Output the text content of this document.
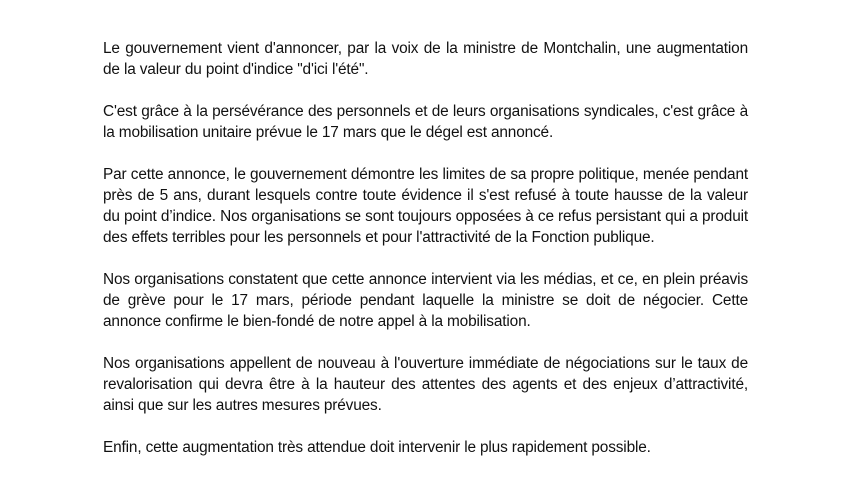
Le gouvernement vient d'annoncer, par la voix de la ministre de Montchalin, une augmentation de la valeur du point d'indice "d'ici l'été".

C'est grâce à la persévérance des personnels et de leurs organisations syndicales, c'est grâce à la mobilisation unitaire prévue le 17 mars que le dégel est annoncé.

Par cette annonce, le gouvernement démontre les limites de sa propre politique, menée pendant près de 5 ans, durant lesquels contre toute évidence il s'est refusé à toute hausse de la valeur du point d’indice. Nos organisations se sont toujours opposées à ce refus persistant qui a produit des effets terribles pour les personnels et pour l'attractivité de la Fonction publique.

Nos organisations constatent que cette annonce intervient via les médias, et ce, en plein préavis de grève pour le 17 mars, période pendant laquelle la ministre se doit de négocier. Cette annonce confirme le bien-fondé de notre appel à la mobilisation.

Nos organisations appellent de nouveau à l'ouverture immédiate de négociations sur le taux de revalorisation qui devra être à la hauteur des attentes des agents et des enjeux d’attractivité, ainsi que sur les autres mesures prévues.

Enfin, cette augmentation très attendue doit intervenir le plus rapidement possible.
